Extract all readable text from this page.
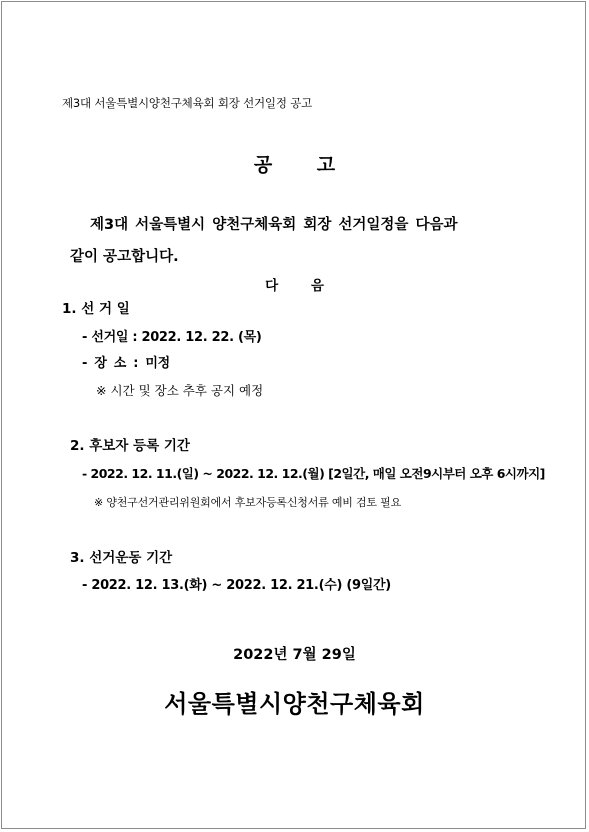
제3대 서울특별시양천구체육회 회장 선거일정 공고
공 고
제3대 서울특별시 양천구체육회 회장 선거일정을 다음과
같이 공고합니다.
다 음
1. 선 거 일
- 선거일 : 2022. 12. 22. (목)
- 장 소 : 미정
※ 시간 및 장소 추후 공지 예정
2. 후보자 등록 기간
- 2022. 12. 11.(일) ~ 2022. 12. 12.(월) [2일간, 매일 오전9시부터 오후 6시까지]
※ 양천구선거관리위원회에서 후보자등록신청서류 예비 검토 필요
3. 선거운동 기간
- 2022. 12. 13.(화) ~ 2022. 12. 21.(수) (9일간)
2022년 7월 29일
서울특별시양천구체육회
